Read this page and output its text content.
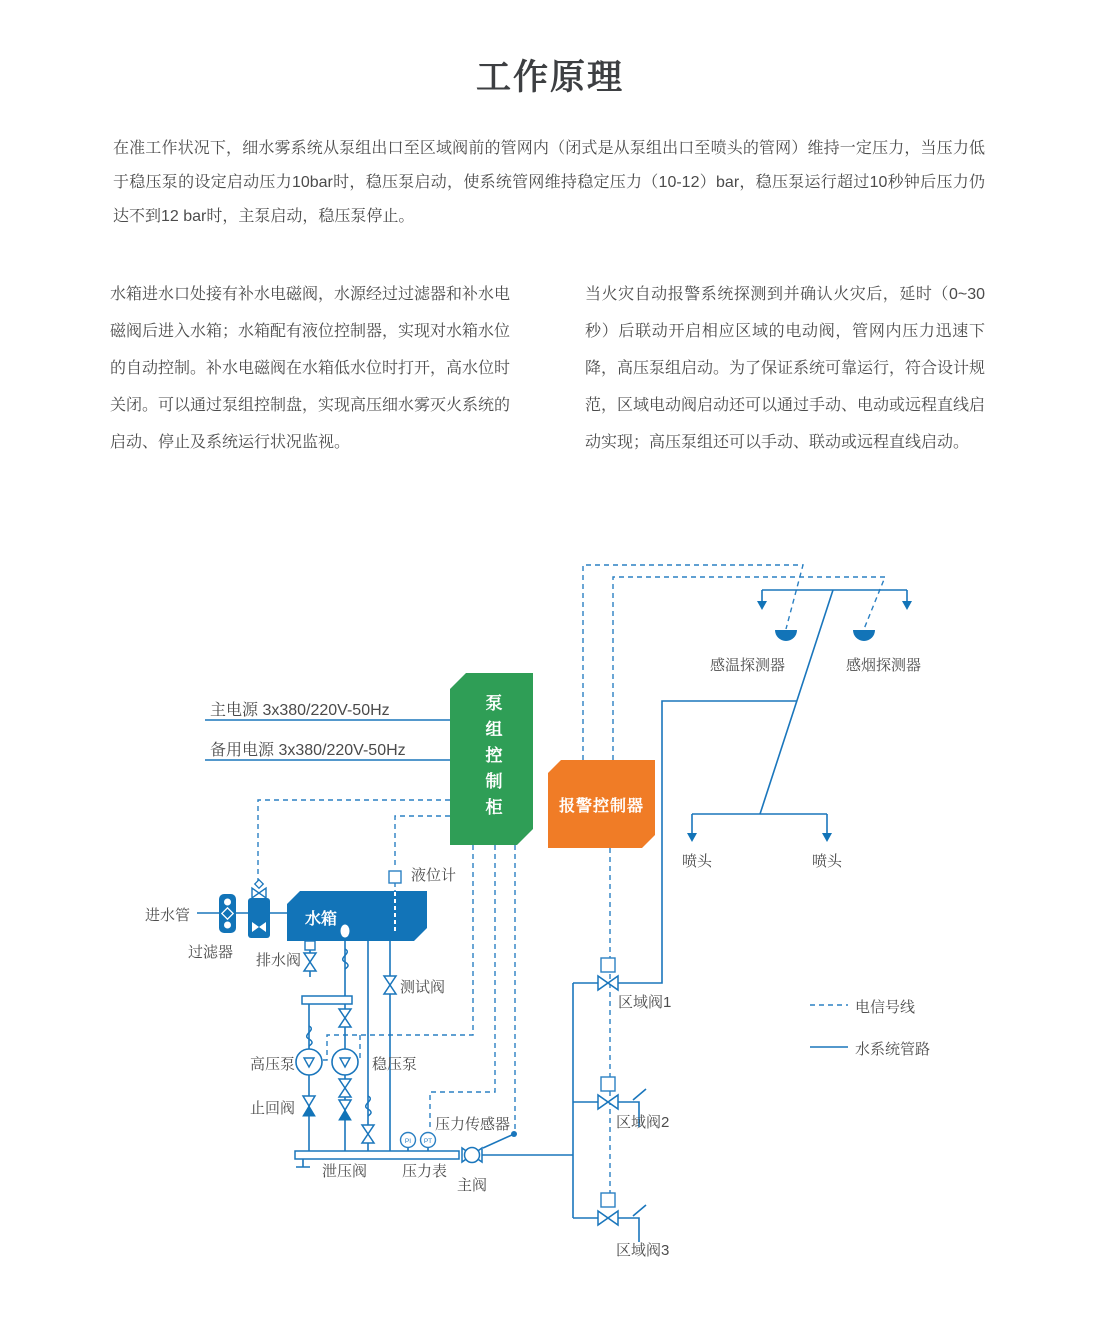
工作原理

在准工作状况下，细水雾系统从泵组出口至区域阀前的管网内（闭式是从泵组出口至喷头的管网）维持一定压力，当压力低于稳压泵的设定启动压力10bar时，稳压泵启动，使系统管网维持稳定压力（10-12）bar，稳压泵运行超过10秒钟后压力仍达不到12 bar时，主泵启动，稳压泵停止。

水箱进水口处接有补水电磁阀，水源经过过滤器和补水电磁阀后进入水箱；水箱配有液位控制器，实现对水箱水位的自动控制。补水电磁阀在水箱低水位时打开，高水位时关闭。可以通过泵组控制盘，实现高压细水雾灭火系统的启动、停止及系统运行状况监视。

当火灾自动报警系统探测到并确认火灾后，延时（0~30秒）后联动开启相应区域的电动阀，管网内压力迅速下降，高压泵组启动。为了保证系统可靠运行，符合设计规范，区域电动阀启动还可以通过手动、电动或远程直线启动实现；高压泵组还可以手动、联动或远程直线启动。

PI PT
泵组控制柜	报警控制器
水箱
主电源 3x380/220V-50Hz
备用电源 3x380/220V-50Hz
液位计
进水管
过滤器 排水阀
测试阀
高压泵	稳压泵
止回阀
泄压阀 压力表
压力传感器
主阀
区域阀1
区域阀2
区域阀3
感温探测器	感烟探测器
喷头	喷头
电信号线
水系统管路
